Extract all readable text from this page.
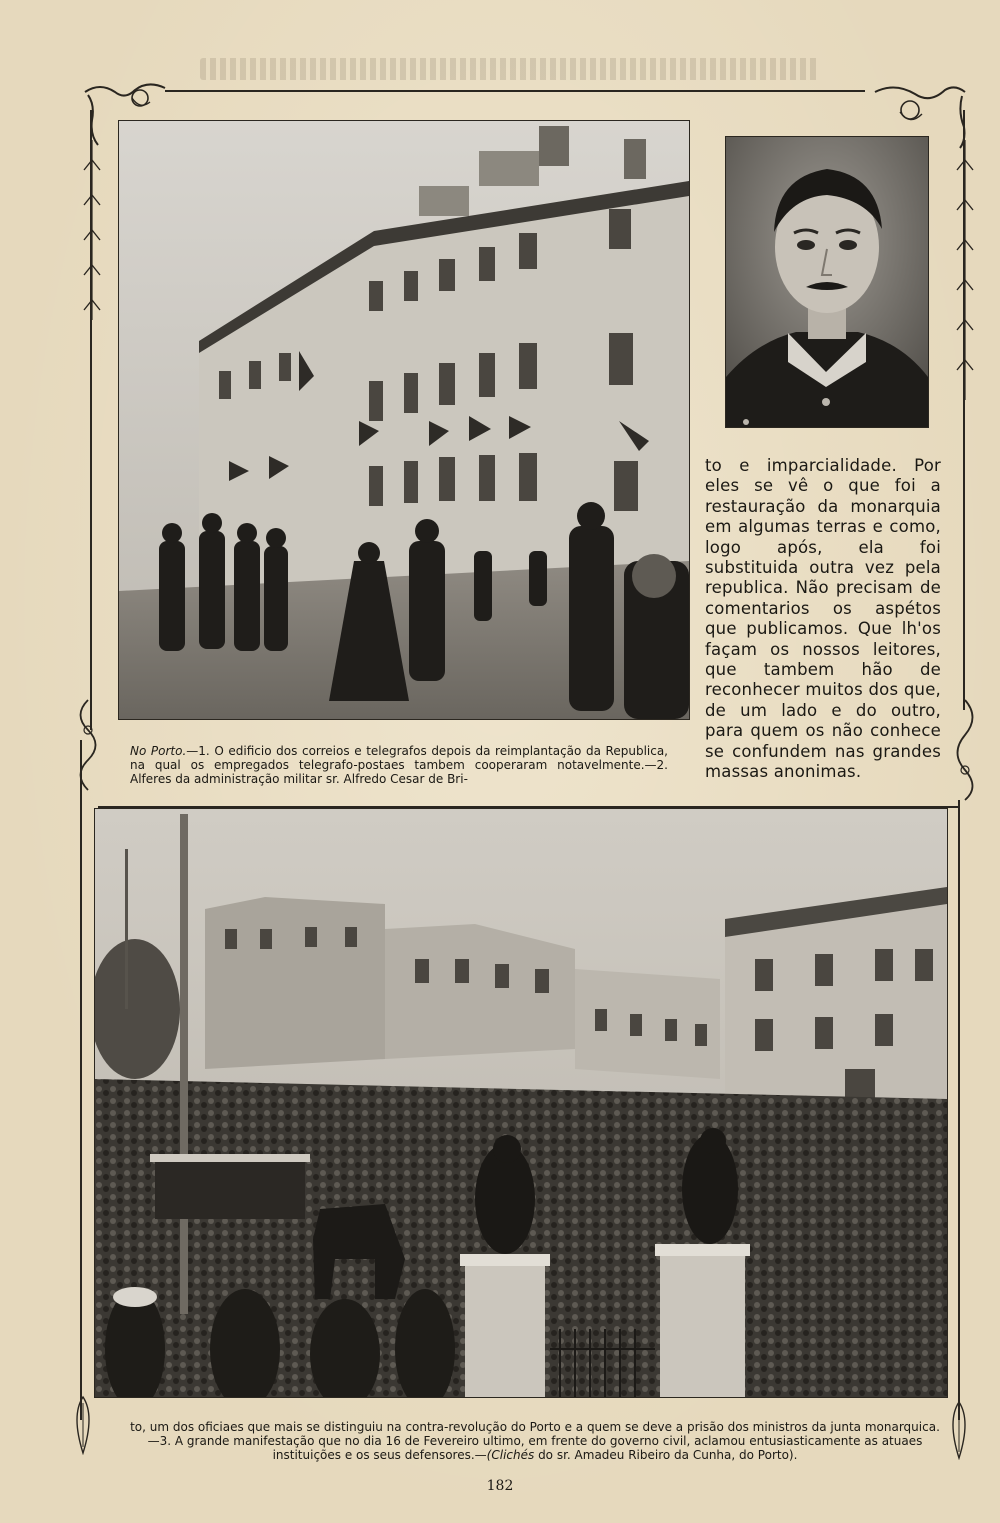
to e imparcialidade. Por eles se vê o que foi a restauração da monarquia em algumas terras e como, logo após, ela foi substituida outra vez pela republica. Não precisam de comentarios os aspétos que publicamos. Que lh'os façam os nossos leitores, que tambem hão de reconhecer muitos dos que, de um lado e do outro, para quem os não conhece se confundem nas grandes massas anonimas.
No Porto.—1. O edificio dos correios e telegrafos depois da reimplantação da Republica, na qual os empregados telegrafo-postaes tambem cooperaram notavelmente.—2. Alferes da administração militar sr. Alfredo Cesar de Bri-
to, um dos oficiaes que mais se distinguiu na contra-revolução do Porto e a quem se deve a prisão dos ministros da junta monarquica.—3. A grande manifestação que no dia 16 de Fevereiro ultimo, em frente do governo civil, aclamou entusiasticamente as atuaes instituições e os seus defensores.—(Clichés do sr. Amadeu Ribeiro da Cunha, do Porto).
182
